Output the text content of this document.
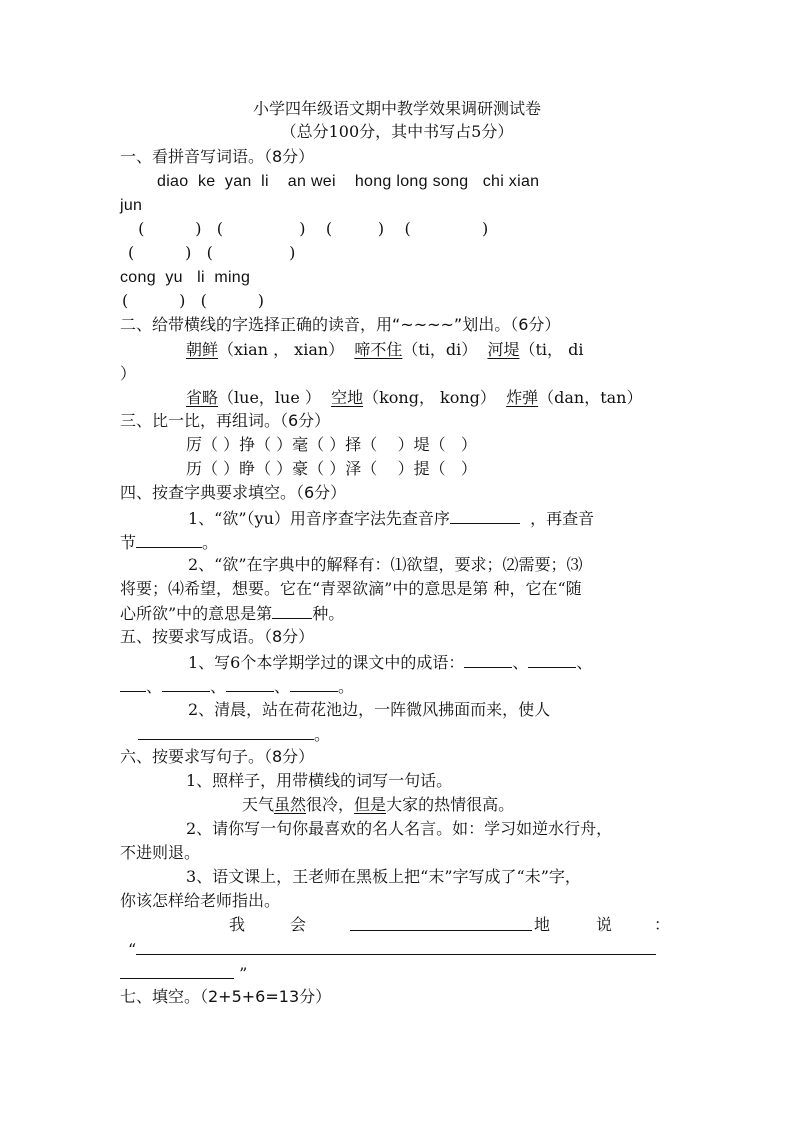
小学四年级语文期中教学效果调研测试卷
（总分100分，其中书写占5分）
一、看拼音写词语。（8分）
diao  ke  yan  li    an wei    hong long song   chi xian
jun
(          )   (               )    (         )    (              )
(          )   (               )
cong  yu   li  ming
(          )   (          )
二、给带横线的字选择正确的读音，用“~~~~”划出。（6分）
朝鲜（xian ， xian） 啼不住（ti，di） 河堤（ti， di
）
省略（lue，lue ） 空地（kong， kong） 炸弹（dan，tan）
三、比一比，再组词。（6分）
厉（ ）挣（ ）毫（ ）择（    ）堤（   ）
历（ ）睁（ ）豪（ ）泽（    ）提（   ）
四、按查字典要求填空。（6分）
1、“欲”（yu）用音序查字法先查音序	，再查音
节	。
2、“欲”在字典中的解释有：⑴欲望，要求；⑵需要；⑶
将要；⑷希望，想要。它在“青翠欲滴”中的意思是第 种，它在“随
心所欲”中的意思是第	种。
五、按要求写成语。（8分）
1、写6个本学期学过的课文中的成语：	、	、
、	、	、	。
2、清晨，站在荷花池边，一阵微风拂面而来，使人
。
六、按要求写句子。（8分）
1、照样子，用带横线的词写一句话。
天气虽然很冷，但是大家的热情很高。
2、请你写一句你最喜欢的名人名言。如：学习如逆水行舟，
不进则退。
3、语文课上，王老师在黑板上把“末”字写成了“未”字，
你该怎样给老师指出。
我	会	地	说	：
“
”
七、填空。（2+5+6=13分）
